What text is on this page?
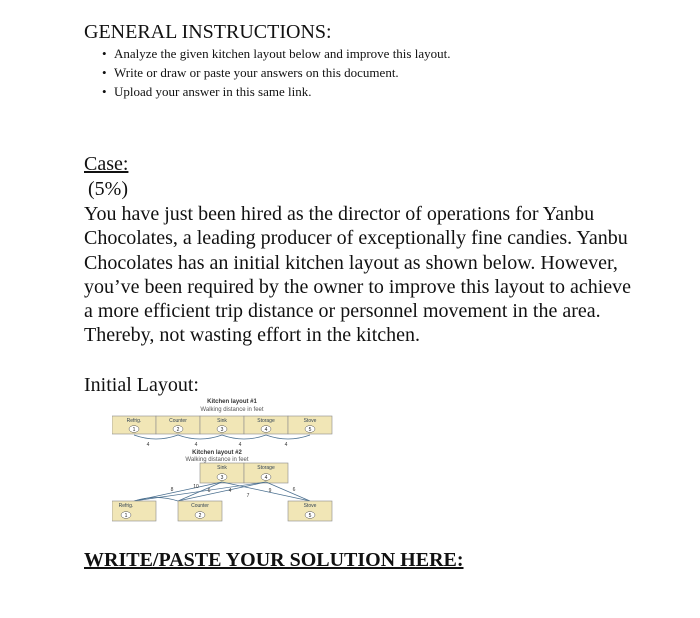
GENERAL INSTRUCTIONS:
• Analyze the given kitchen layout below and improve this layout.
• Write or draw or paste your answers on this document.
• Upload your answer in this same link.
Case:
(5%)
You have just been hired as the director of operations for Yanbu Chocolates, a leading producer of exceptionally fine candies. Yanbu Chocolates has an initial kitchen layout as shown below. However, you’ve been required by the owner to improve this layout to achieve a more efficient trip distance or personnel movement in the area. Thereby, not wasting effort in the kitchen.
Initial Layout:
Kitchen layout #1
Walking distance in feet
Refrig.
1
Counter
2
Sink
3
Storage
4
Stove
5
4	4	4	4
Kitchen layout #2
Walking distance in feet
Sink
3
Storage
4
8	10
6	4	9
7
6
Refrig.
1
Counter
2
Stove
5
WRITE/PASTE YOUR SOLUTION HERE:
